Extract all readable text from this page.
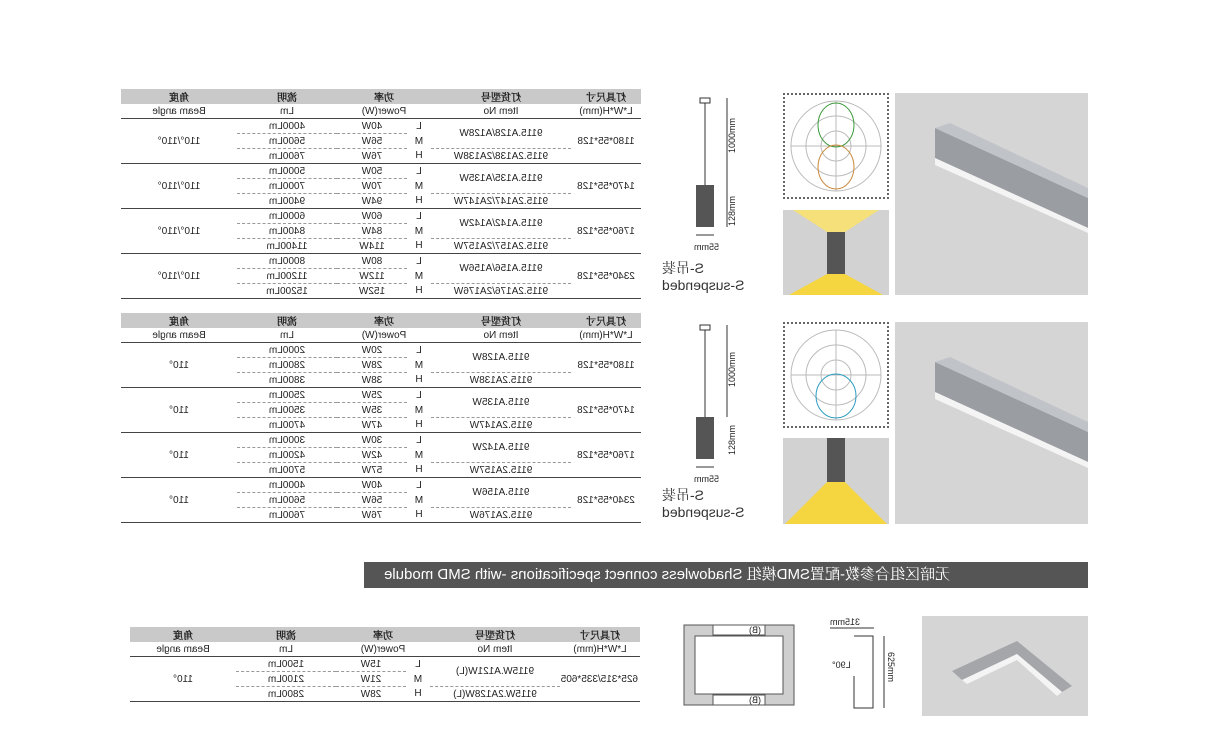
灯具尺寸	灯货型号	功率		流明	角度
L*W*H(mm)	Item No	Power(W)		Lm	Beam angle
1180*55*128	9115.A128/A128W	L	40W	4000Lm	110°/110°
		M	56W	5600Lm	
	9115.2A138/2A138W	H	76W	7600Lm	
1470*55*128	9115.A135/A135W	L	50W	5000Lm	110°/110°
		M	70W	7000Lm	
	9115.2A147/2A147W	H	94W	9400Lm	
1760*55*128	9115.A142/A142W	L	60W	6000Lm	110°/110°
		M	84W	8400Lm	
	9115.2A157/2A157W	H	114W	11400Lm	
2340*55*128	9115.A156/A156W	L	80W	8000Lm	110°/110°
		M	112W	11200Lm	
	9115.2A176/2A176W	H	152W	15200Lm	
灯具尺寸	灯货型号	功率		流明	角度
L*W*H(mm)	Item No	Power(W)		Lm	Beam angle
1180*55*128	9115.A128W	L	20W	2000Lm	110°
		M	28W	2800Lm	
	9115.2A138W	H	38W	3800Lm	
1470*55*128	9115.A135W	L	25W	2500Lm	110°
		M	35W	3500Lm	
	9115.2A147W	H	47W	4700Lm	
1760*55*128	9115.A142W	L	30W	3000Lm	110°
		M	42W	4200Lm	
	9115.2A157W	H	57W	5700Lm	
2340*55*128	9115.A156W	L	40W	4000Lm	110°
		M	56W	5600Lm	
	9115.2A176W	H	76W	7600Lm	
灯具尺寸	灯货型号	功率		流明	角度
L*W*H(mm)	Item No	Power(W)		Lm	Beam angle
625*315/335*605	9115W.A121W(L)	L	15W	1500Lm	110°
		M	21W	2100Lm	
	9115W.2A128W(L)	H	28W	2800Lm	
1000mm
128mm
55mm
S-吊装
S-suspended
1000mm
128mm
55mm
S-吊装
S-suspended
无暗区组合参数-配置SMD模组 Shadowless connect specifications -with SMD module
(B)
(B)
315mm
L90°	625mm
